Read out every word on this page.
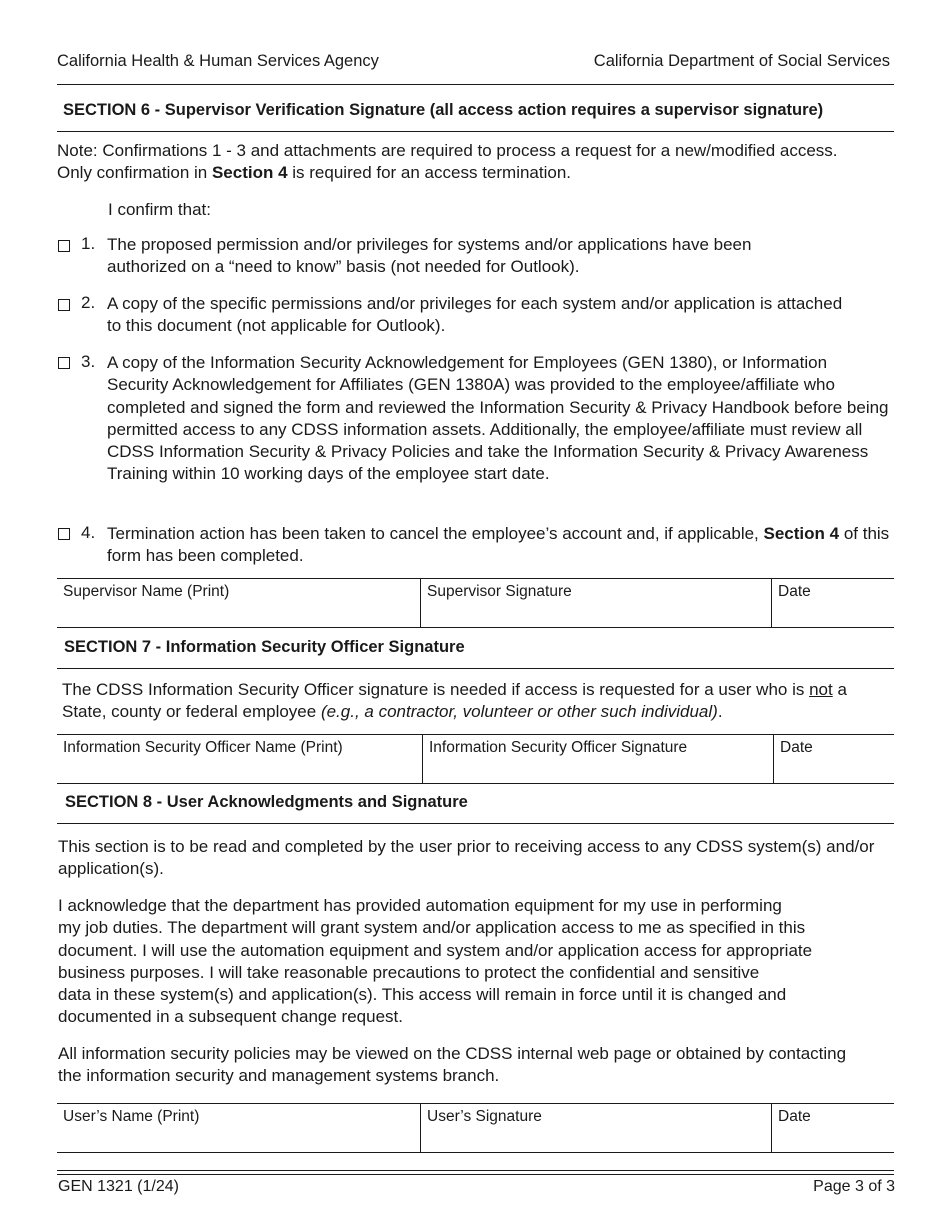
California Health & Human Services Agency	California Department of Social Services
SECTION 6 - Supervisor Verification Signature (all access action requires a supervisor signature)
Note: Confirmations 1 - 3 and attachments are required to process a request for a new/modified access. Only confirmation in Section 4 is required for an access termination.
I confirm that:
1. The proposed permission and/or privileges for systems and/or applications have been authorized on a “need to know” basis (not needed for Outlook).
2. A copy of the specific permissions and/or privileges for each system and/or application is attached to this document (not applicable for Outlook).
3. A copy of the Information Security Acknowledgement for Employees (GEN 1380), or Information Security Acknowledgement for Affiliates (GEN 1380A) was provided to the employee/affiliate who completed and signed the form and reviewed the Information Security & Privacy Handbook before being permitted access to any CDSS information assets. Additionally, the employee/affiliate must review all CDSS Information Security & Privacy Policies and take the Information Security & Privacy Awareness Training within 10 working days of the employee start date.
4. Termination action has been taken to cancel the employee’s account and, if applicable, Section 4 of this form has been completed.
Supervisor Name (Print)	Supervisor Signature	Date
SECTION 7 - Information Security Officer Signature
The CDSS Information Security Officer signature is needed if access is requested for a user who is not a State, county or federal employee (e.g., a contractor, volunteer or other such individual).
Information Security Officer Name (Print)	Information Security Officer Signature	Date
SECTION 8 - User Acknowledgments and Signature
This section is to be read and completed by the user prior to receiving access to any CDSS system(s) and/or application(s).
I acknowledge that the department has provided automation equipment for my use in performing
my job duties. The department will grant system and/or application access to me as specified in this
document. I will use the automation equipment and system and/or application access for appropriate
business purposes. I will take reasonable precautions to protect the confidential and sensitive
data in these system(s) and application(s). This access will remain in force until it is changed and
documented in a subsequent change request.
All information security policies may be viewed on the CDSS internal web page or obtained by contacting the information security and management systems branch.
User’s Name (Print)	User’s Signature	Date
GEN 1321 (1/24)	Page 3 of 3
